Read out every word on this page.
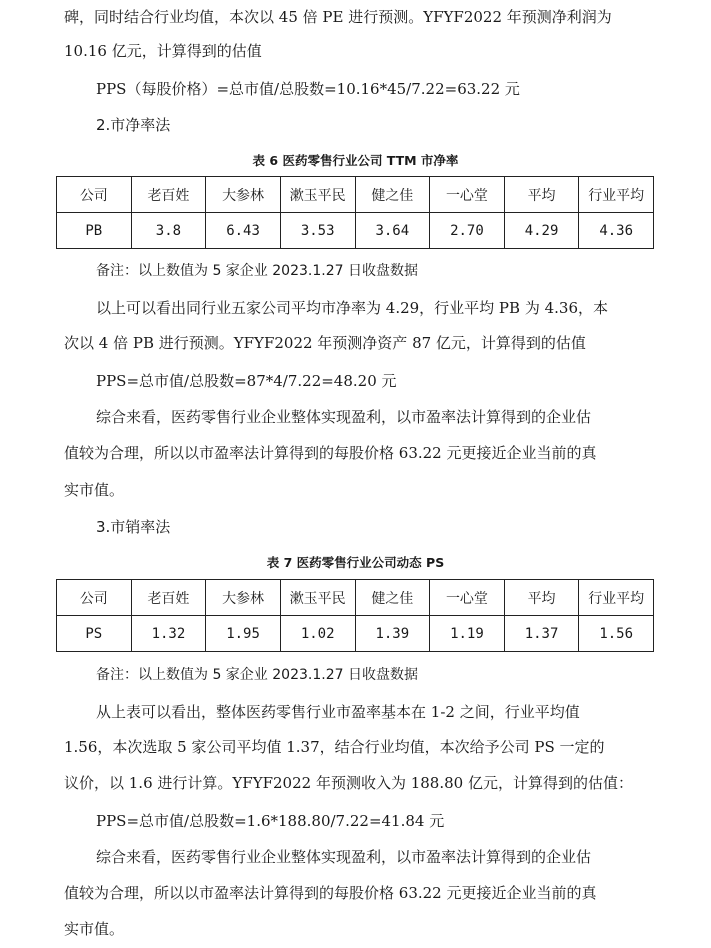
碑，同时结合行业均值，本次以 45 倍 PE 进行预测。YFYF2022 年预测净利润为
10.16 亿元，计算得到的估值
PPS（每股价格）=总市值/总股数=10.16*45/7.22=63.22 元
2.市净率法
表 6 医药零售行业公司 TTM 市净率
公司	老百姓	大参林	漱玉平民	健之佳	一心堂	平均	行业平均
PB	3.8	6.43	3.53	3.64	2.70	4.29	4.36
备注：以上数值为 5 家企业 2023.1.27 日收盘数据
以上可以看出同行业五家公司平均市净率为 4.29，行业平均 PB 为 4.36，本
次以 4 倍 PB 进行预测。YFYF2022 年预测净资产 87 亿元，计算得到的估值
PPS=总市值/总股数=87*4/7.22=48.20 元
综合来看，医药零售行业企业整体实现盈利，以市盈率法计算得到的企业估
值较为合理，所以以市盈率法计算得到的每股价格 63.22 元更接近企业当前的真
实市值。
3.市销率法
表 7 医药零售行业公司动态 PS
公司	老百姓	大参林	漱玉平民	健之佳	一心堂	平均	行业平均
PS	1.32	1.95	1.02	1.39	1.19	1.37	1.56
备注：以上数值为 5 家企业 2023.1.27 日收盘数据
从上表可以看出，整体医药零售行业市盈率基本在 1-2 之间，行业平均值
1.56，本次选取 5 家公司平均值 1.37，结合行业均值，本次给予公司 PS 一定的
议价，以 1.6 进行计算。YFYF2022 年预测收入为 188.80 亿元，计算得到的估值：
PPS=总市值/总股数=1.6*188.80/7.22=41.84 元
综合来看，医药零售行业企业整体实现盈利，以市盈率法计算得到的企业估
值较为合理，所以以市盈率法计算得到的每股价格 63.22 元更接近企业当前的真
实市值。
